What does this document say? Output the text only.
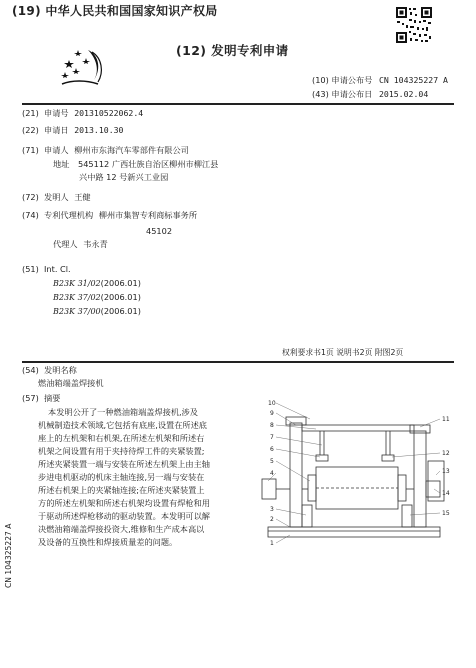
(19) 中华人民共和国国家知识产权局
(12) 发明专利申请
(10) 申请公布号 CN 104325227 A
(43) 申请公布日 2015.02.04
(21) 申请号 201310522062.4
(22) 申请日 2013.10.30
(71) 申请人 柳州市东海汽车零部件有限公司
地址 545112 广西壮族自治区柳州市柳江县
兴中路 12 号新兴工业园
(72) 发明人 王健
(74) 专利代理机构 柳州市集智专利商标事务所
45102
代理人 韦永青
(51) Int. Cl.
B23K 31/02(2006.01)
B23K 37/02(2006.01)
B23K 37/00(2006.01)
权利要求书1页 说明书2页 附图2页
(54) 发明名称
燃油箱端盖焊接机
(57) 摘要
本发明公开了一种燃油箱端盖焊接机,涉及
机械制造技术领域,它包括有底座,设置在所述底
座上的左机架和右机架,在所述左机架和所述右
机架之间设置有用于夹持待焊工件的夹紧装置;
所述夹紧装置一端与安装在所述左机架上由主轴
步进电机驱动的机床主轴连接,另一端与安装在
所述右机架上的夹紧轴连接;在所述夹紧装置上
方的所述左机架和所述右机架均设置有焊枪和用
于驱动所述焊枪移动的驱动装置。本发明可以解
决燃油箱端盖焊接投资大,维修和生产成本高以
及设备的互换性和焊接质量差的问题。
10
9
8
7
6
5
4
3
2
1
11
12
13
14
15
CN 104325227 A
